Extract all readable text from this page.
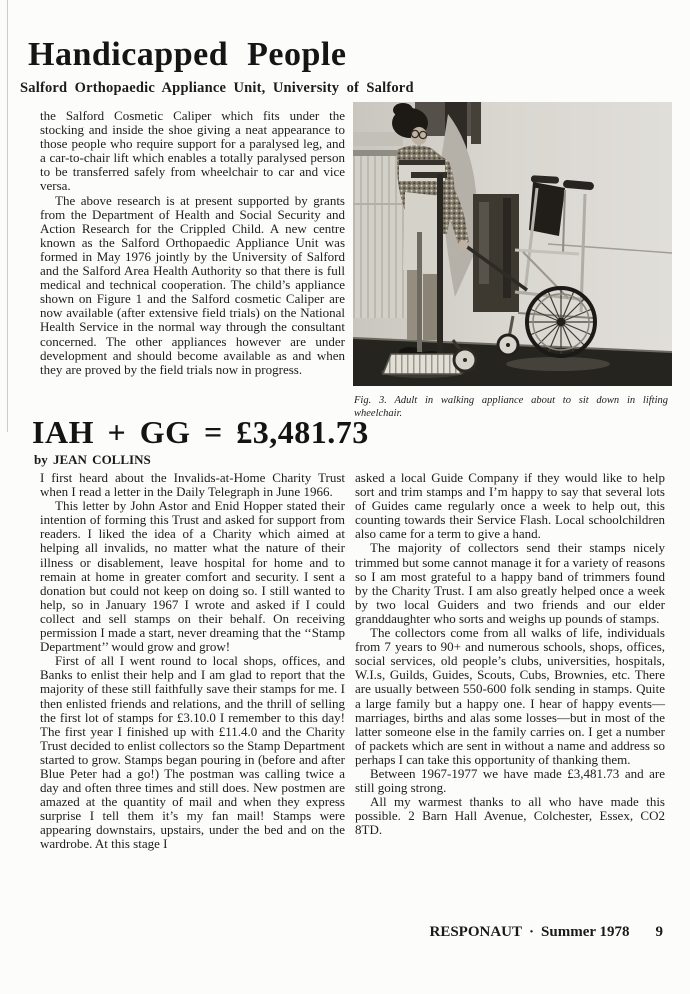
Handicapped People
Salford Orthopaedic Appliance Unit, University of Salford

the Salford Cosmetic Caliper which fits under the stocking and inside the shoe giving a neat appearance to those people who require support for a paralysed leg, and a car-to-chair lift which enables a totally paralysed person to be transferred safely from wheelchair to car and vice versa.

The above research is at present supported by grants from the Department of Health and Social Security and Action Research for the Crippled Child. A new centre known as the Salford Orthopaedic Appliance Unit was formed in May 1976 jointly by the University of Salford and the Salford Area Health Authority so that there is full medical and technical cooperation. The child’s appliance shown on Figure 1 and the Salford cosmetic Caliper are now available (after extensive field trials) on the National Health Service in the normal way through the consultant concerned. The other appliances however are under development and should become available as and when they are proved by the field trials now in progress.

Fig. 3. Adult in walking appliance about to sit down in lifting wheelchair.

IAH + GG = £3,481.73

by JEAN COLLINS

I first heard about the Invalids-at-Home Charity Trust when I read a letter in the Daily Telegraph in June 1966.

This letter by John Astor and Enid Hopper stated their intention of forming this Trust and asked for support from readers. I liked the idea of a Charity which aimed at helping all invalids, no matter what the nature of their illness or disablement, leave hospital for home and to remain at home in greater comfort and security. I sent a donation but could not keep on doing so. I still wanted to help, so in January 1967 I wrote and asked if I could collect and sell stamps on their behalf. On receiving permission I made a start, never dreaming that the ‘‘Stamp Department’’ would grow and grow!

First of all I went round to local shops, offices, and Banks to enlist their help and I am glad to report that the majority of these still faithfully save their stamps for me. I then enlisted friends and relations, and the thrill of selling the first lot of stamps for £3.10.0 I remember to this day! The first year I finished up with £11.4.0 and the Charity Trust decided to enlist collectors so the Stamp Department started to grow. Stamps began pouring in (before and after Blue Peter had a go!) The postman was calling twice a day and often three times and still does. New postmen are amazed at the quantity of mail and when they express surprise I tell them it’s my fan mail! Stamps were appearing downstairs, upstairs, under the bed and on the wardrobe. At this stage I

asked a local Guide Company if they would like to help sort and trim stamps and I’m happy to say that several lots of Guides came regularly once a week to help out, this counting towards their Service Flash. Local schoolchildren also came for a term to give a hand.

The majority of collectors send their stamps nicely trimmed but some cannot manage it for a variety of reasons so I am most grateful to a happy band of trimmers found by the Charity Trust. I am also greatly helped once a week by two local Guiders and two friends and our elder granddaughter who sorts and weighs up pounds of stamps.

The collectors come from all walks of life, individuals from 7 years to 90+ and numerous schools, shops, offices, social services, old people’s clubs, universities, hospitals, W.I.s, Guilds, Guides, Scouts, Cubs, Brownies, etc. There are usually between 550-600 folk sending in stamps. Quite a large family but a happy one. I hear of happy events—marriages, births and alas some losses—but in most of the latter someone else in the family carries on. I get a number of packets which are sent in without a name and address so perhaps I can take this opportunity of thanking them.

Between 1967-1977 we have made £3,481.73 and are still going strong.

All my warmest thanks to all who have made this possible. 2 Barn Hall Avenue, Colchester, Essex, CO2 8TD.

RESPONAUT · Summer 1978 9
